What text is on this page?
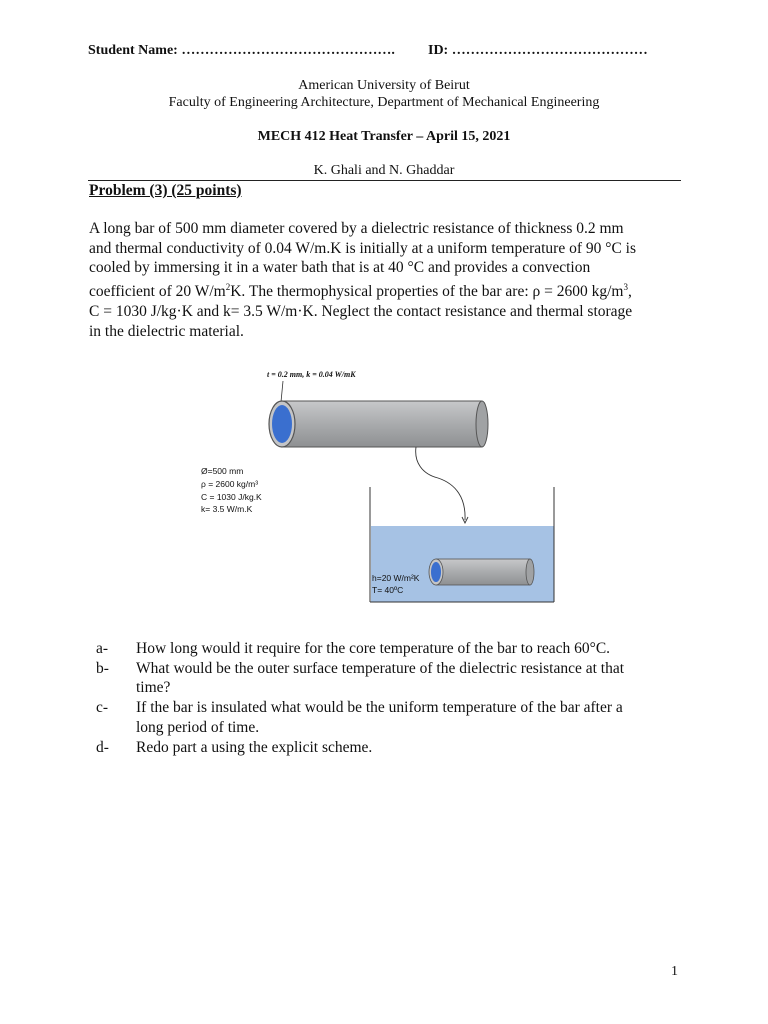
Student Name: ………………………………………. ID: ……………………………………
American University of Beirut
Faculty of Engineering Architecture, Department of Mechanical Engineering
MECH 412 Heat Transfer – April 15, 2021
K. Ghali and N. Ghaddar
Problem (3) (25 points)
A long bar of 500 mm diameter covered by a dielectric resistance of thickness 0.2 mm
and thermal conductivity of 0.04 W/m.K is initially at a uniform temperature of 90 °C is
cooled by immersing it in a water bath that is at 40 °C and provides a convection
coefficient of 20 $W/m^2K$. The thermophysical properties of the bar are: ρ = 2600 $kg/m^3$,
C = 1030 J/kg·K and k= 3.5 W/m·K. Neglect the contact resistance and thermal storage
in the dielectric material.
t = 0.2 mm, k = 0.04 W/mK
Ø=500 mm
ρ = 2600 kg/m³
C = 1030 J/kg.K
k= 3.5 W/m.K
h=20 W/m²K
T= 40ºC
a-	How long would it require for the core temperature of the bar to reach 60°C.
b-	What would be the outer surface temperature of the dielectric resistance at that
time?
c-	If the bar is insulated what would be the uniform temperature of the bar after a
long period of time.
d-	Redo part a using the explicit scheme.
1
